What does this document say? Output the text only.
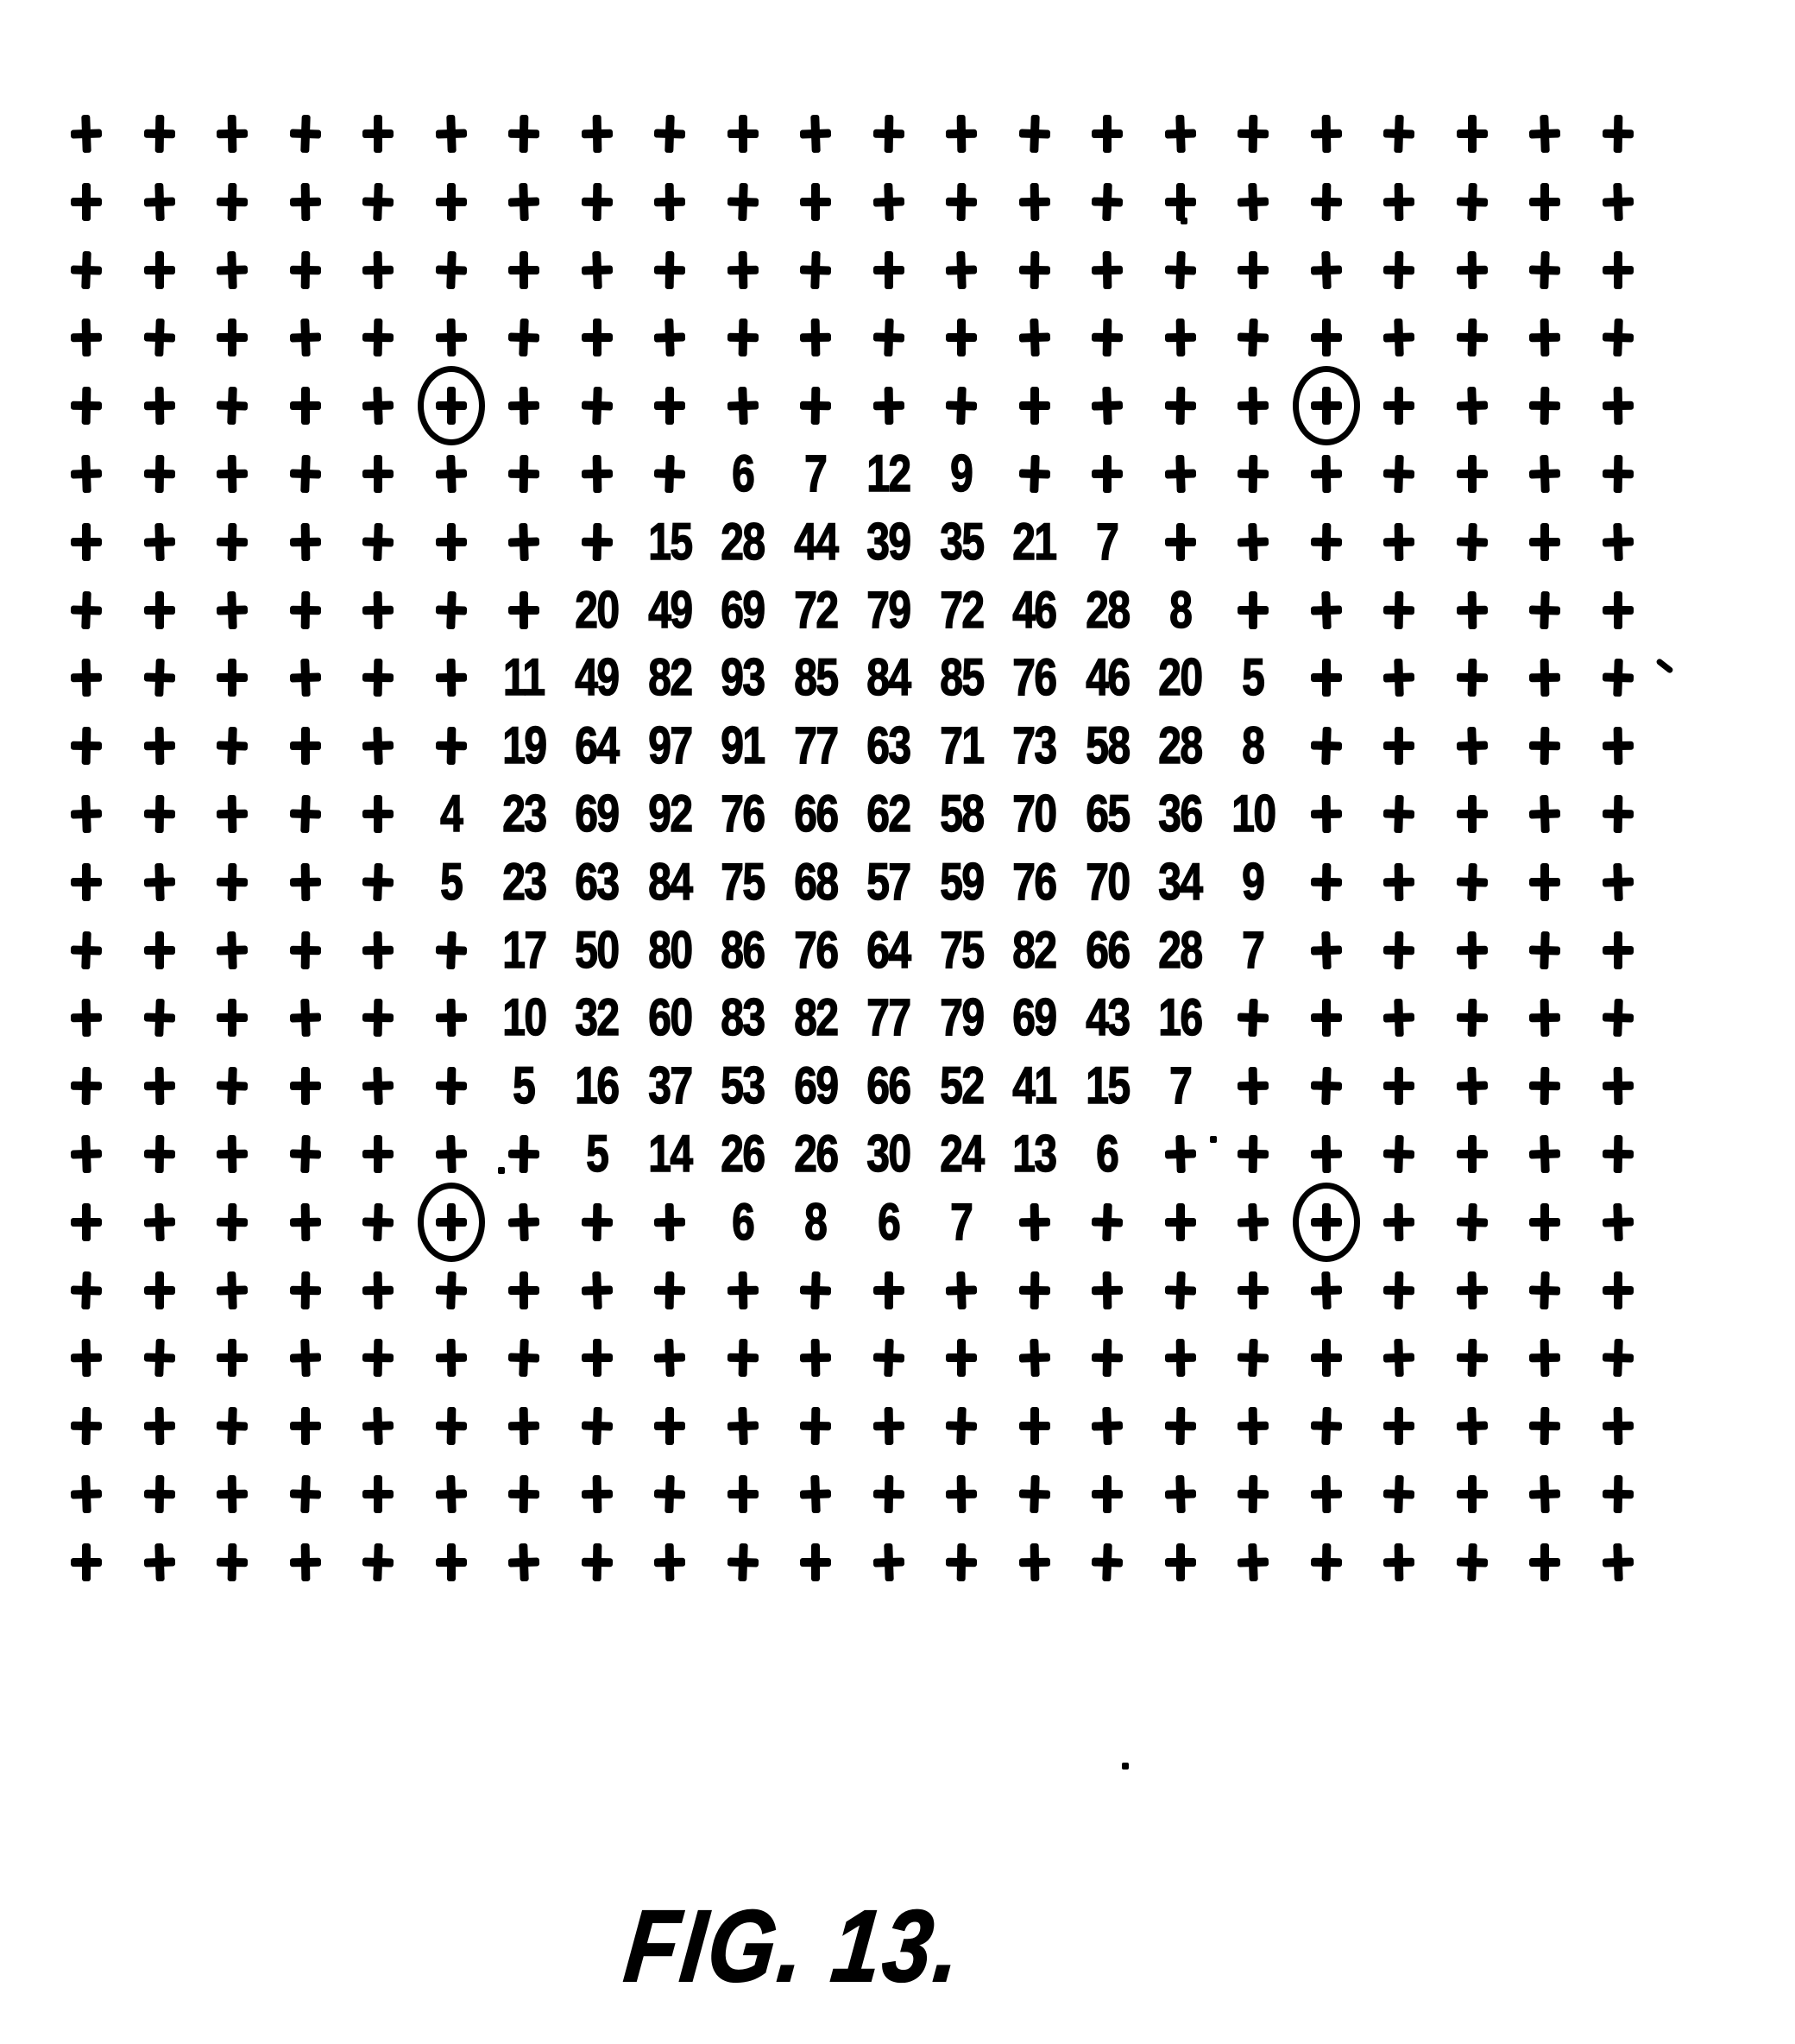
6 7 12 9
15 28 44 39 35 21 7
20 49 69 72 79 72 46 28 8
11 49 82 93 85 84 85 76 46 20 5
19 64 97 91 77 63 71 73 58 28 8
4 23 69 92 76 66 62 58 70 65 36 10
5 23 63 84 75 68 57 59 76 70 34 9
17 50 80 86 76 64 75 82 66 28 7
10 32 60 83 82 77 79 69 43 16
5 16 37 53 69 66 52 41 15 7
5 14 26 26 30 24 13 6
6 8 6 7
FIG. 13.
